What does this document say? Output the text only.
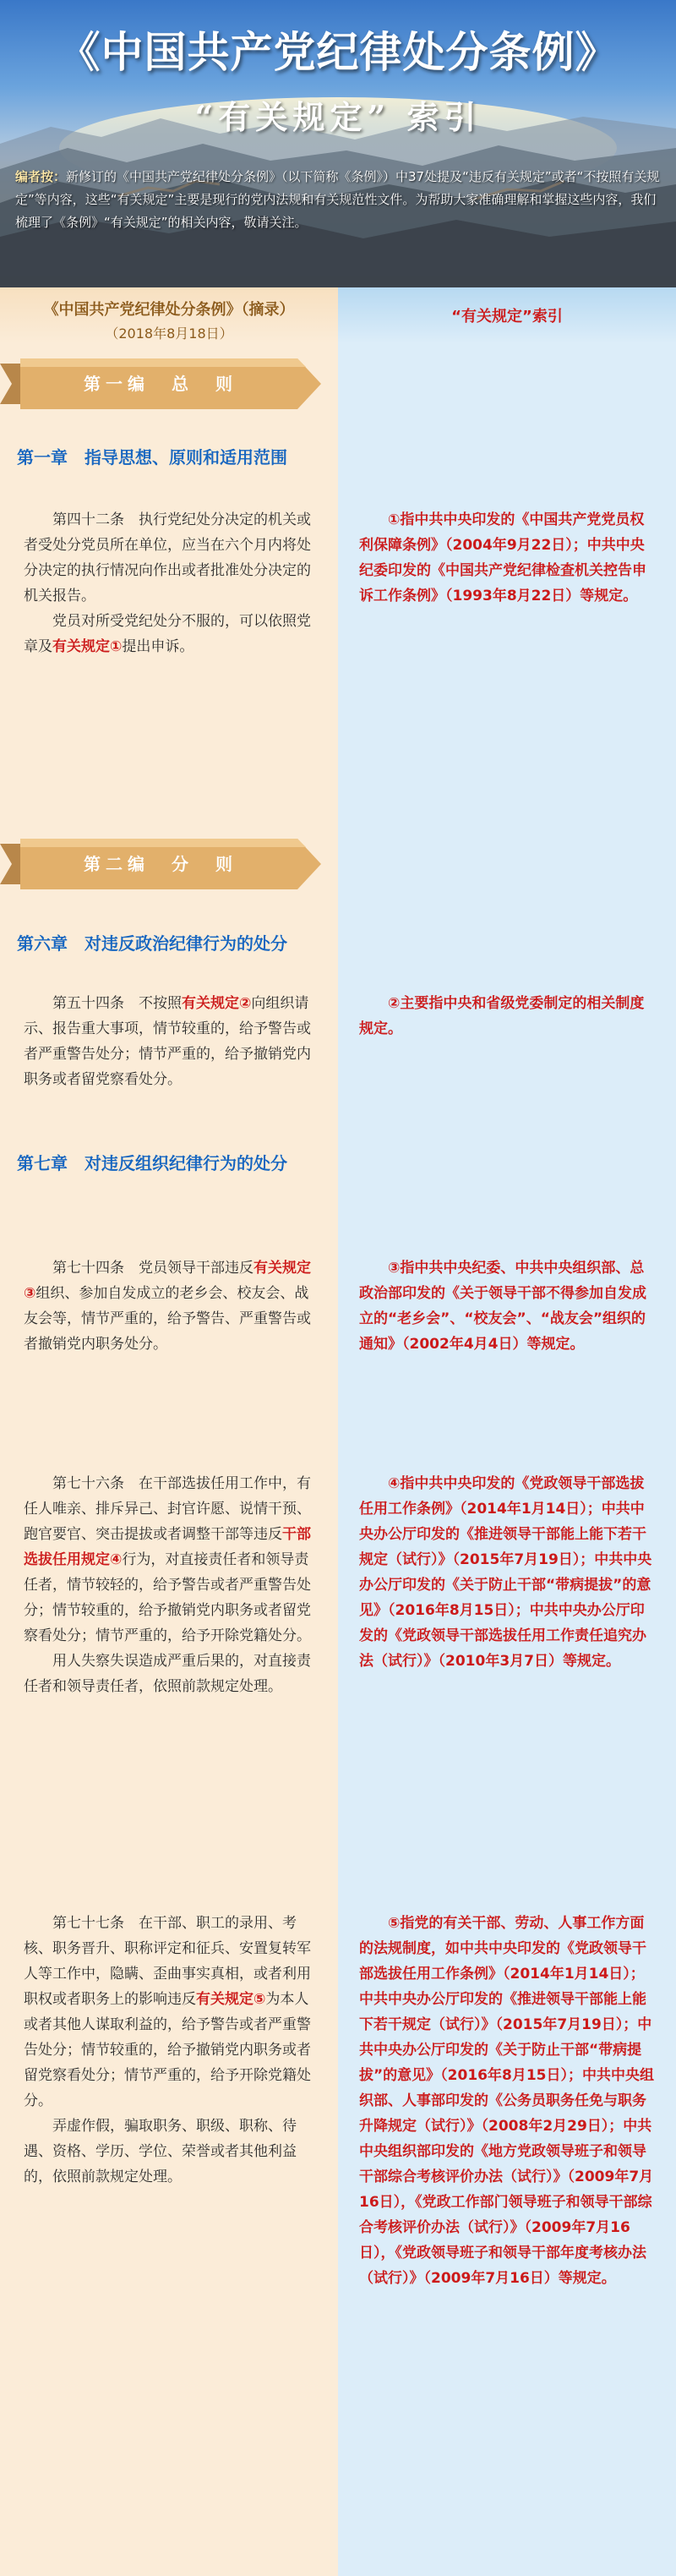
《中国共产党纪律处分条例》
“有关规定” 索引
编者按：新修订的《中国共产党纪律处分条例》（以下简称《条例》）中37处提及“违反有关规定”或者“不按照有关规定”等内容，这些“有关规定”主要是现行的党内法规和有关规范性文件。为帮助大家准确理解和掌握这些内容，我们梳理了《条例》“有关规定”的相关内容，敬请关注。
《中国共产党纪律处分条例》（摘录）
（2018年8月18日）
“有关规定”索引
第一编　总　则
第一章　指导思想、原则和适用范围

第四十二条　执行党纪处分决定的机关或者受处分党员所在单位，应当在六个月内将处分决定的执行情况向作出或者批准处分决定的机关报告。

党员对所受党纪处分不服的，可以依照党章及有关规定①提出申诉。

①指中共中央印发的《中国共产党党员权利保障条例》（2004年9月22日）；中共中央纪委印发的《中国共产党纪律检查机关控告申诉工作条例》（1993年8月22日）等规定。

第二编　分　则
第六章　对违反政治纪律行为的处分

第五十四条　不按照有关规定②向组织请示、报告重大事项，情节较重的，给予警告或者严重警告处分；情节严重的，给予撤销党内职务或者留党察看处分。

②主要指中央和省级党委制定的相关制度规定。

第七章　对违反组织纪律行为的处分

第七十四条　党员领导干部违反有关规定③组织、参加自发成立的老乡会、校友会、战友会等，情节严重的，给予警告、严重警告或者撤销党内职务处分。

③指中共中央纪委、中共中央组织部、总政治部印发的《关于领导干部不得参加自发成立的“老乡会”、“校友会”、“战友会”组织的通知》（2002年4月4日）等规定。

第七十六条　在干部选拔任用工作中，有任人唯亲、排斥异己、封官许愿、说情干预、跑官要官、突击提拔或者调整干部等违反干部选拔任用规定④行为，对直接责任者和领导责任者，情节较轻的，给予警告或者严重警告处分；情节较重的，给予撤销党内职务或者留党察看处分；情节严重的，给予开除党籍处分。

用人失察失误造成严重后果的，对直接责任者和领导责任者，依照前款规定处理。

④指中共中央印发的《党政领导干部选拔任用工作条例》（2014年1月14日）；中共中央办公厅印发的《推进领导干部能上能下若干规定（试行）》（2015年7月19日）；中共中央办公厅印发的《关于防止干部“带病提拔”的意见》（2016年8月15日）；中共中央办公厅印发的《党政领导干部选拔任用工作责任追究办法（试行）》（2010年3月7日）等规定。

第七十七条　在干部、职工的录用、考核、职务晋升、职称评定和征兵、安置复转军人等工作中，隐瞒、歪曲事实真相，或者利用职权或者职务上的影响违反有关规定⑤为本人或者其他人谋取利益的，给予警告或者严重警告处分；情节较重的，给予撤销党内职务或者留党察看处分；情节严重的，给予开除党籍处分。

弄虚作假，骗取职务、职级、职称、待遇、资格、学历、学位、荣誉或者其他利益的，依照前款规定处理。

⑤指党的有关干部、劳动、人事工作方面的法规制度，如中共中央印发的《党政领导干部选拔任用工作条例》（2014年1月14日）；中共中央办公厅印发的《推进领导干部能上能下若干规定（试行）》（2015年7月19日）；中共中央办公厅印发的《关于防止干部“带病提拔”的意见》（2016年8月15日）；中共中央组织部、人事部印发的《公务员职务任免与职务升降规定（试行）》（2008年2月29日）；中共中央组织部印发的《地方党政领导班子和领导干部综合考核评价办法（试行）》（2009年7月16日），《党政工作部门领导班子和领导干部综合考核评价办法（试行）》（2009年7月16日），《党政领导班子和领导干部年度考核办法（试行）》（2009年7月16日）等规定。
